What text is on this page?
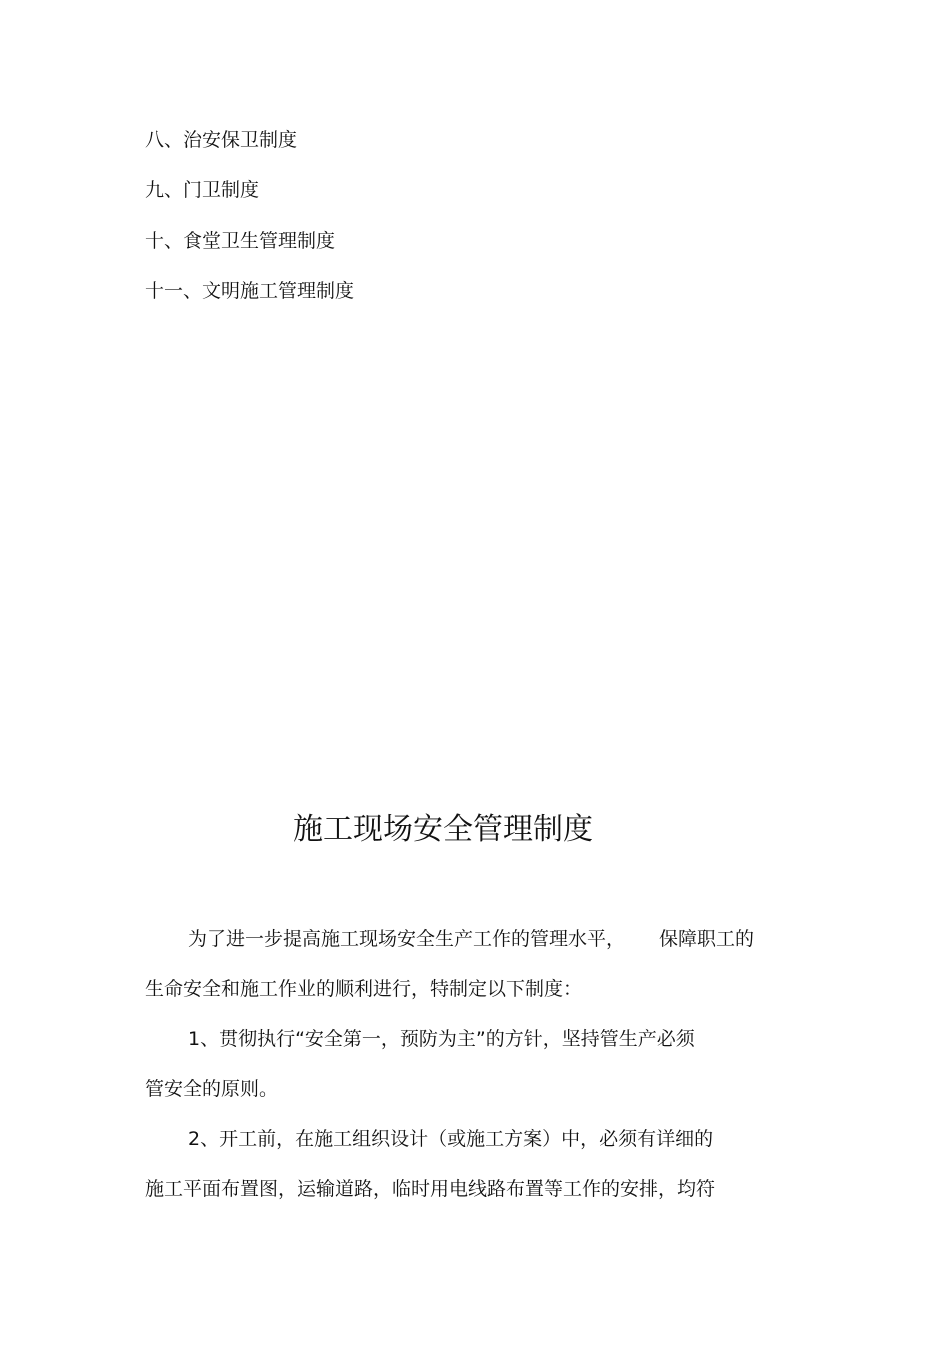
八、治安保卫制度
九、门卫制度
十、食堂卫生管理制度
十一、文明施工管理制度
施工现场安全管理制度
为了进一步提高施工现场安全生产工作的管理水平， 保障职工的
生命安全和施工作业的顺利进行，特制定以下制度：
1、贯彻执行“安全第一，预防为主”的方针，坚持管生产必须
管安全的原则。
2、开工前，在施工组织设计（或施工方案）中，必须有详细的
施工平面布置图，运输道路，临时用电线路布置等工作的安排，均符
